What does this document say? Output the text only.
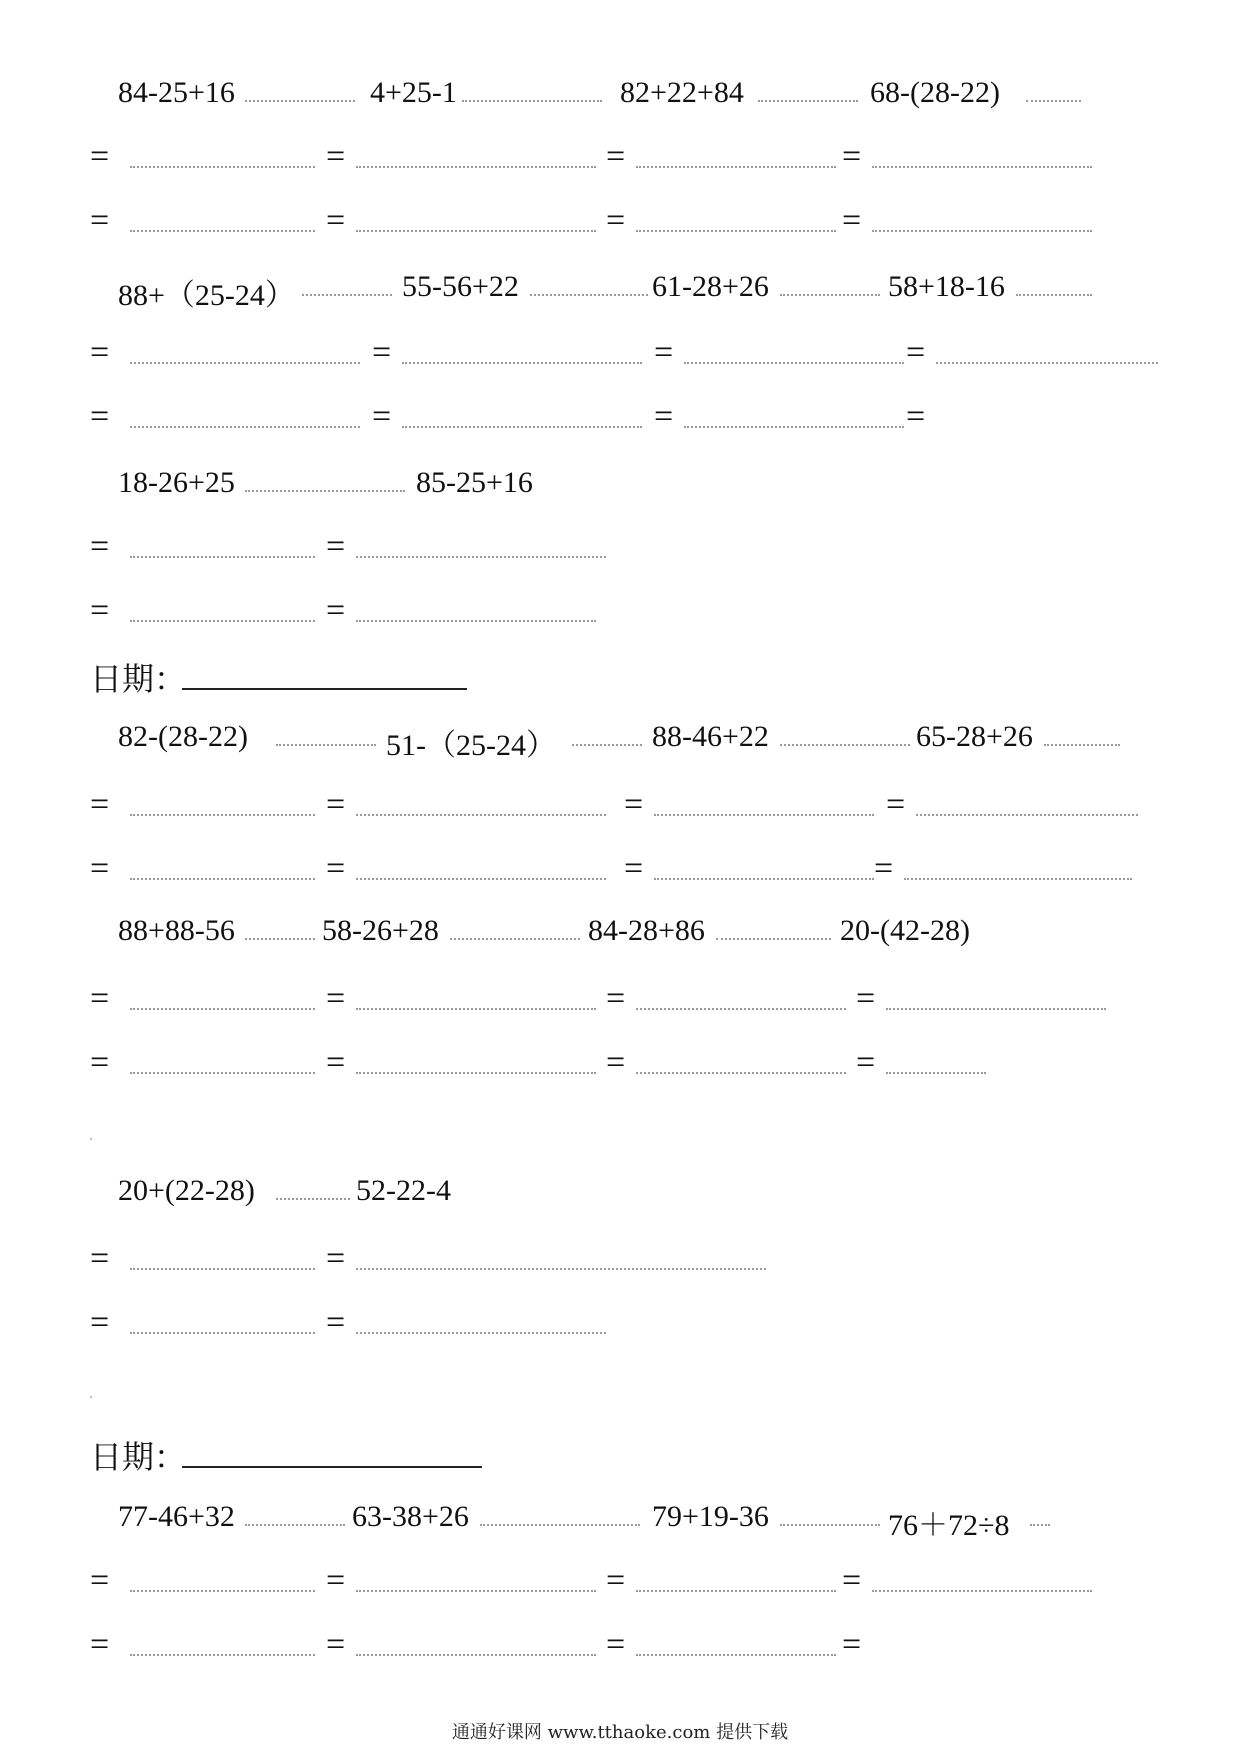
84-25+16	4+25-1	82+22+84	68-(28-22)
=	=	=	=
=	=	=	=
88+（25-24）	55-56+22	61-28+26	58+18-16
=	=	=	=
=	=	=	=
18-26+25	85-25+16
=	=
=	=
日期：
82-(28-22)	51-（25-24）	88-46+22	65-28+26
=	=	=	=
=	=	=	=
88+88-56	58-26+28	84-28+86	20-(42-28)
=	=	=	=
=	=	=	=
20+(22-28)	52-22-4
=	=
=	=
日期：
77-46+32	63-38+26	79+19-36	76＋72÷8
=	=	=	=
=	=	=	=
通通好课网 www.tthaoke.com 提供下载
